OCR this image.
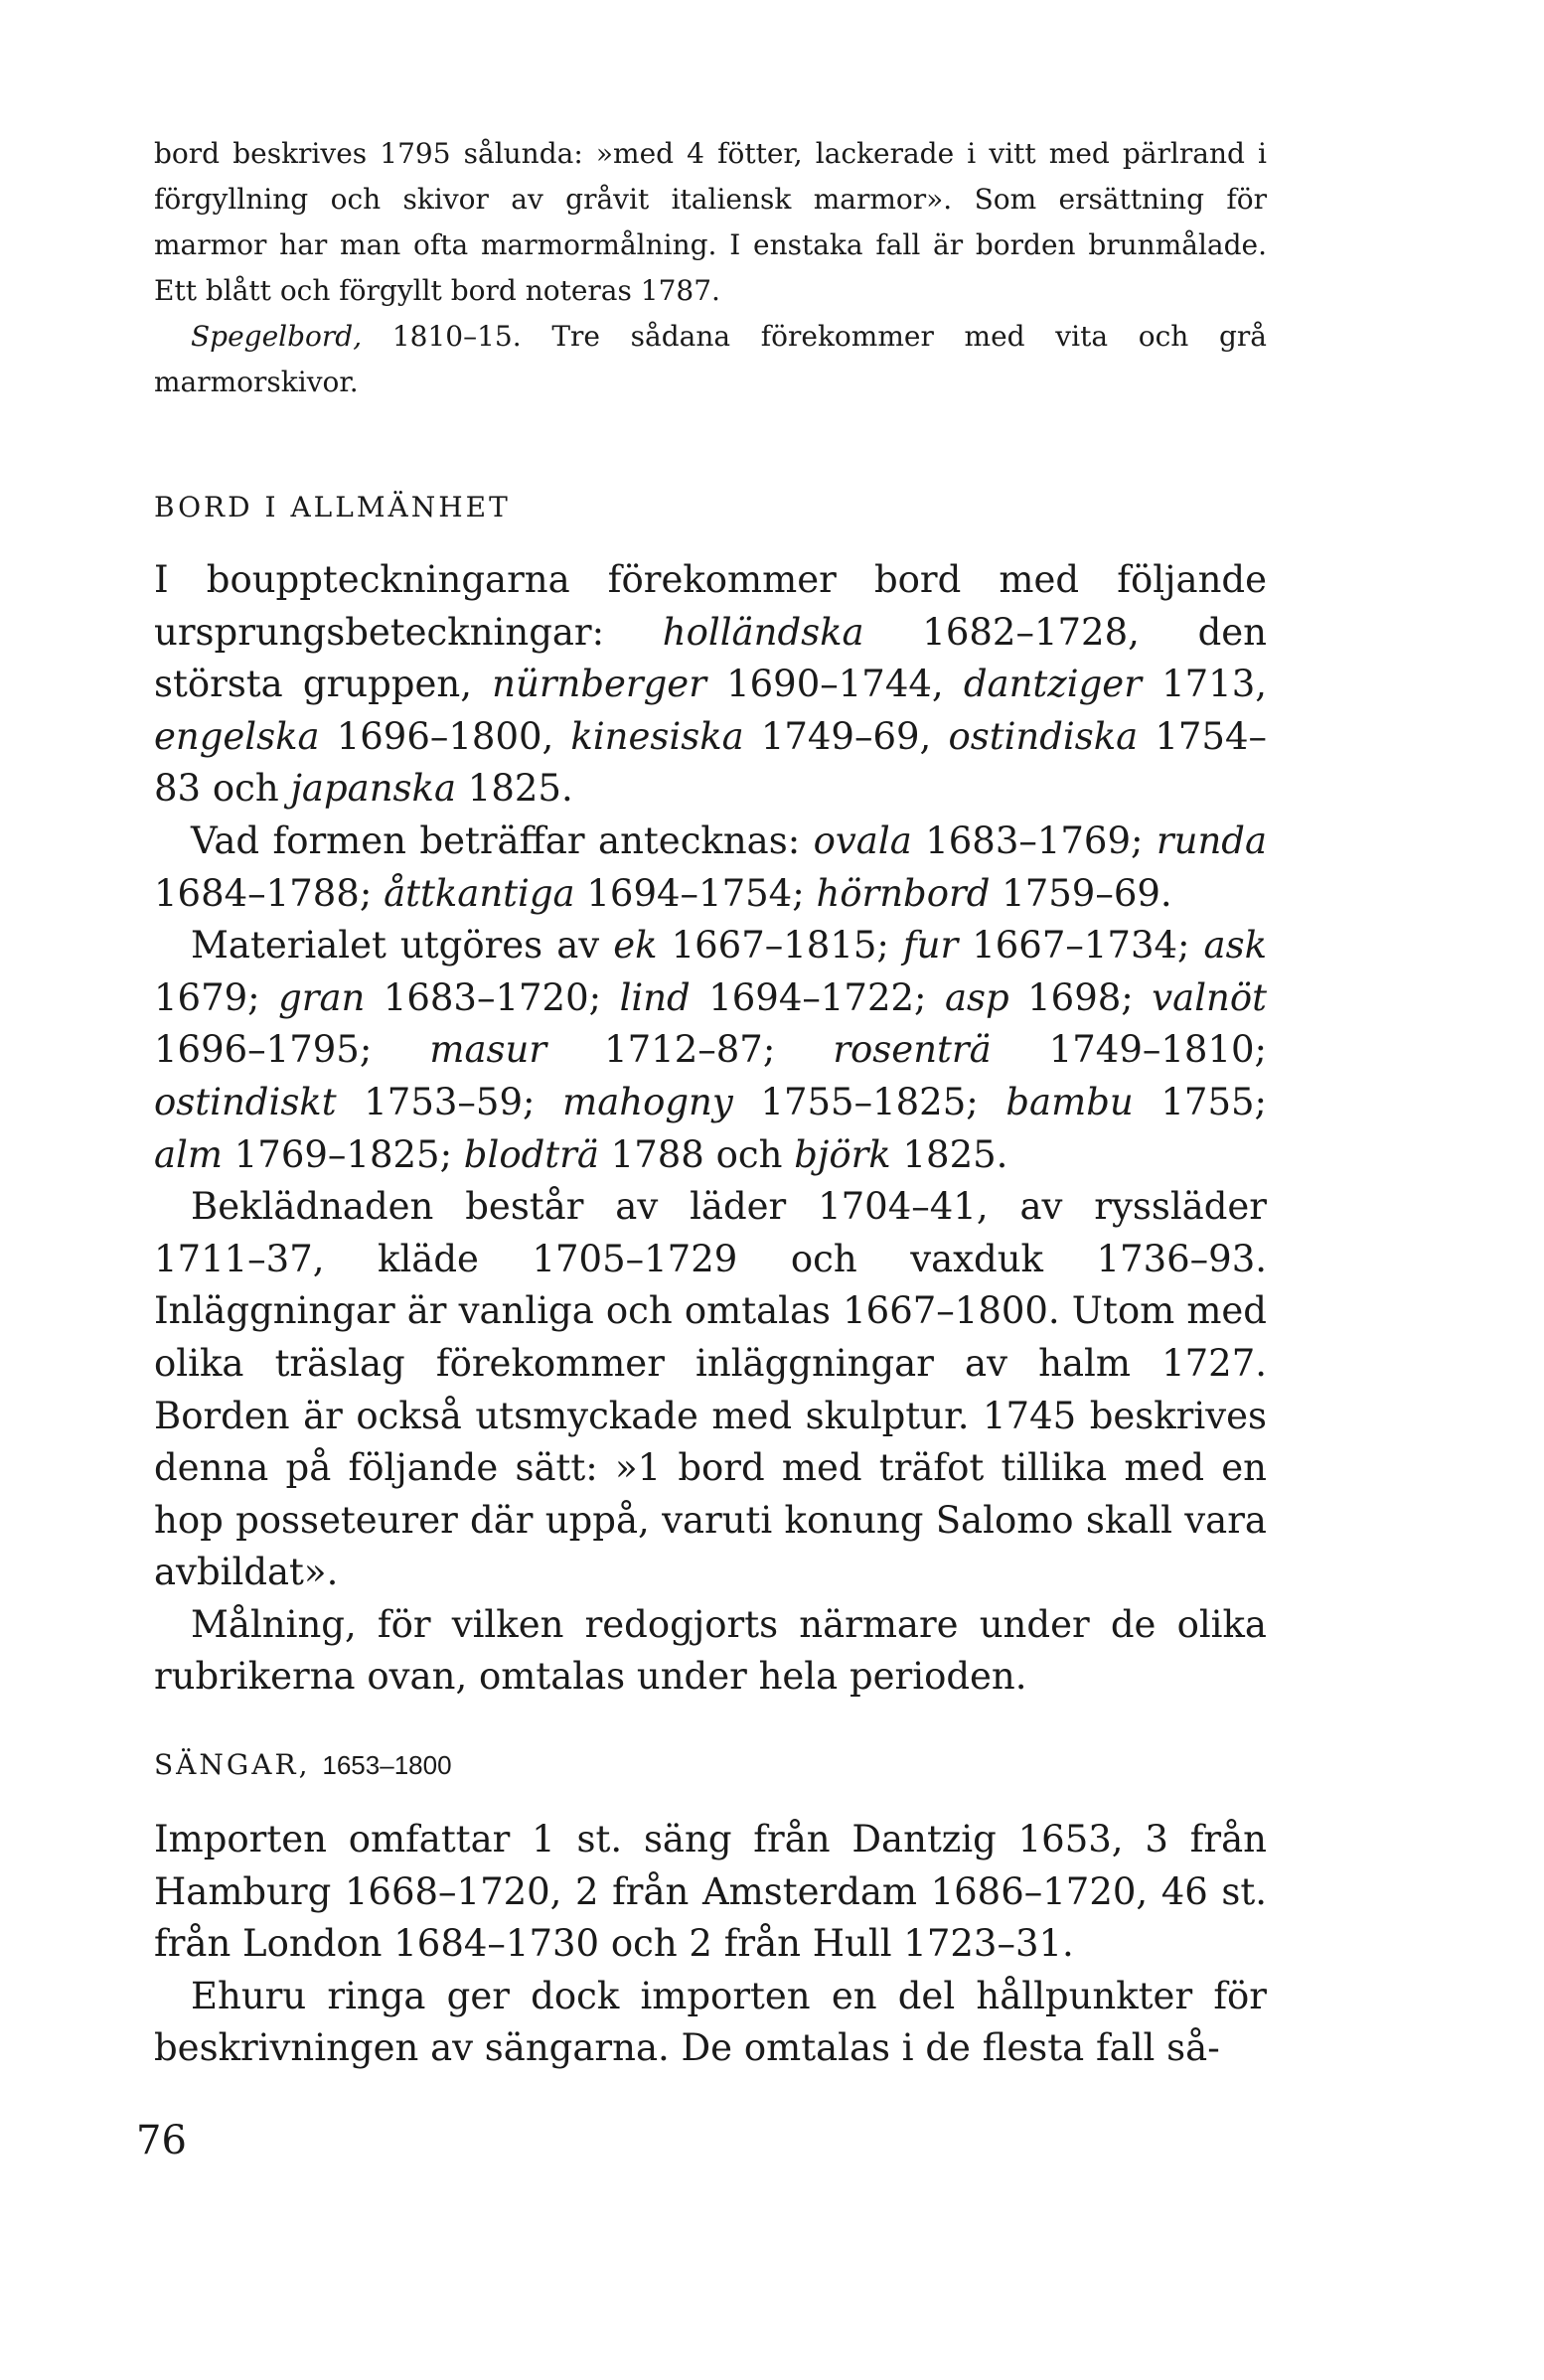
bord beskrives 1795 sålunda: »med 4 fötter, lackerade i vitt med pärlrand i förgyllning och skivor av gråvit italiensk marmor». Som ersättning för marmor har man ofta marmormålning. I enstaka fall är borden brunmålade. Ett blått och förgyllt bord noteras 1787.

Spegelbord, 1810–15. Tre sådana förekommer med vita och grå marmorskivor.

BORD I ALLMÄNHET

I bouppteckningarna förekommer bord med följande ursprungsbeteckningar: holländska 1682–1728, den största gruppen, nürnberger 1690–1744, dantziger 1713, engelska 1696–1800, kinesiska 1749–69, ostindiska 1754–83 och japanska 1825.

Vad formen beträffar antecknas: ovala 1683–1769; runda 1684–1788; åttkantiga 1694–1754; hörnbord 1759–69.

Materialet utgöres av ek 1667–1815; fur 1667–1734; ask 1679; gran 1683–1720; lind 1694–1722; asp 1698; valnöt 1696–1795; masur 1712–87; rosenträ 1749–1810; ostindiskt 1753–59; mahogny 1755–1825; bambu 1755; alm 1769–1825; blodträ 1788 och björk 1825.

Beklädnaden består av läder 1704–41, av ryssläder 1711–37, kläde 1705–1729 och vaxduk 1736–93. Inläggningar är vanliga och omtalas 1667–1800. Utom med olika träslag förekommer inläggningar av halm 1727. Borden är också utsmyckade med skulptur. 1745 beskrives denna på följande sätt: »1 bord med träfot tillika med en hop posseteurer där uppå, varuti konung Salomo skall vara avbildat».

Målning, för vilken redogjorts närmare under de olika rubrikerna ovan, omtalas under hela perioden.

SÄNGAR, 1653–1800

Importen omfattar 1 st. säng från Dantzig 1653, 3 från Hamburg 1668–1720, 2 från Amsterdam 1686–1720, 46 st. från London 1684–1730 och 2 från Hull 1723–31.

Ehuru ringa ger dock importen en del hållpunkter för beskrivningen av sängarna. De omtalas i de flesta fall så-

76
